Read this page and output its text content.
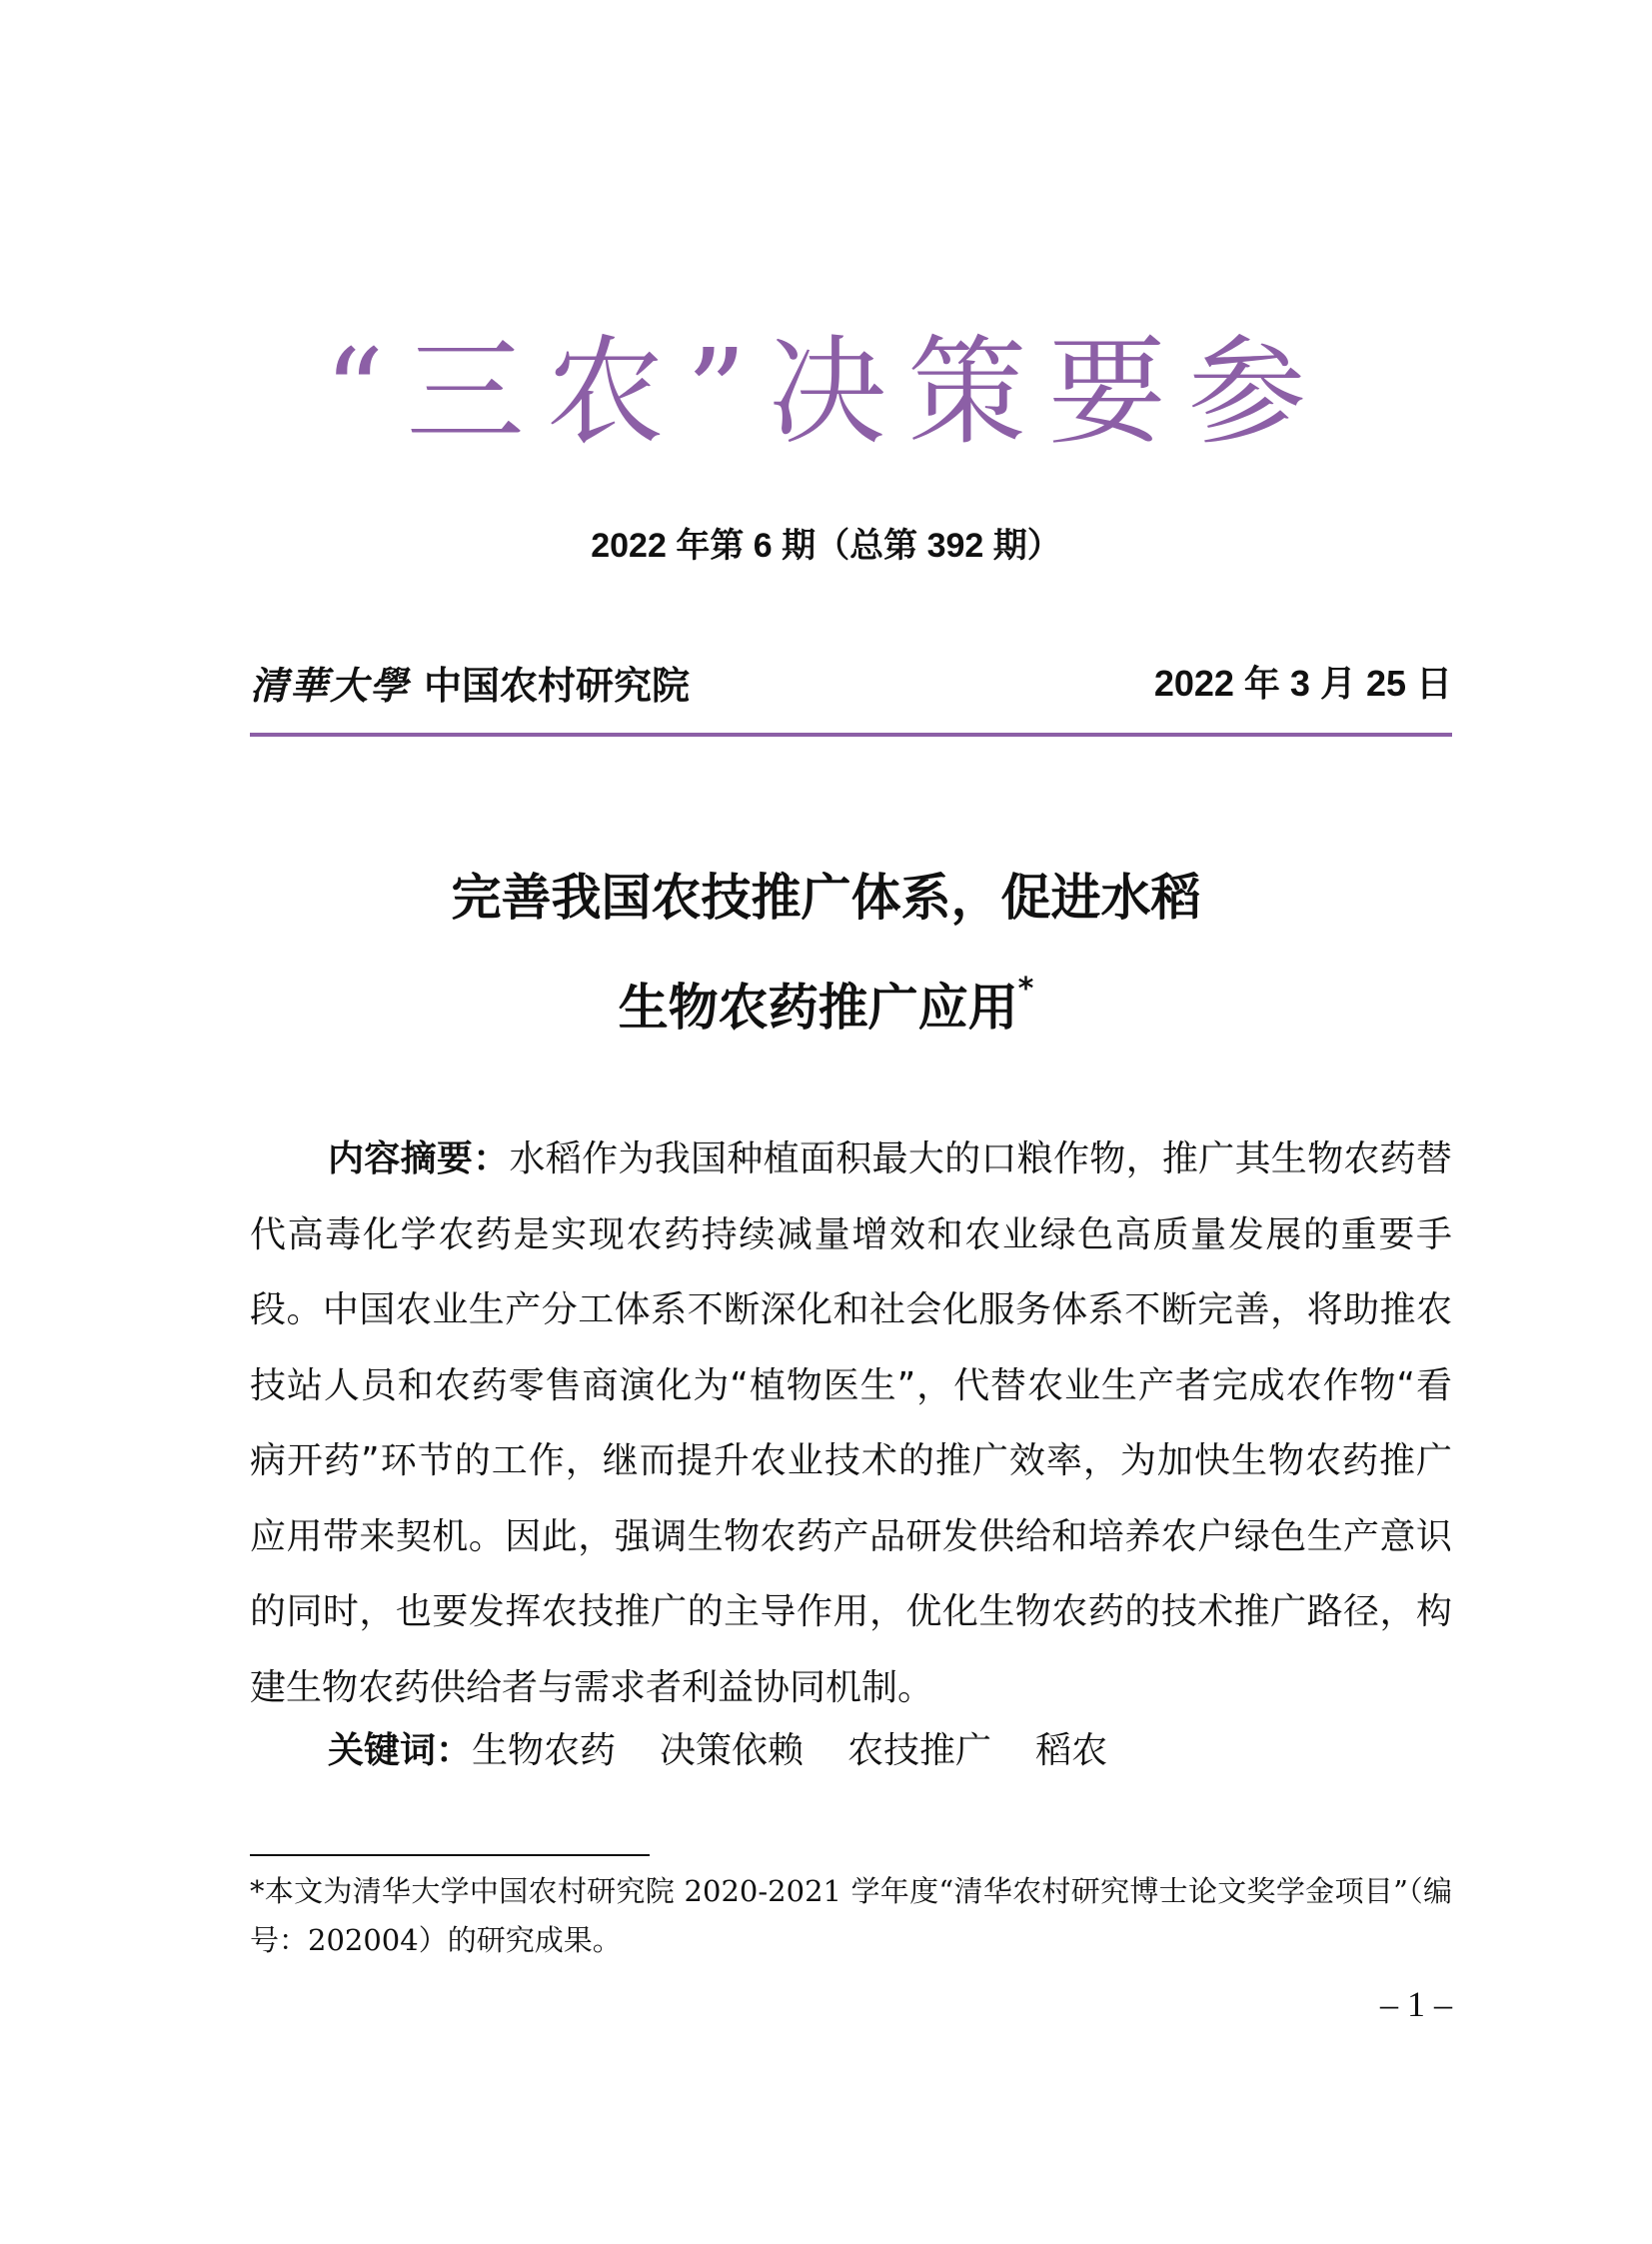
“三农”决策要参
2022 年第 6 期（总第 392 期）
清華大學 中国农村研究院	2022 年 3 月 25 日
完善我国农技推广体系，促进水稻
生物农药推广应用*
内容摘要：水稻作为我国种植面积最大的口粮作物，推广其生物农药替代高毒化学农药是实现农药持续减量增效和农业绿色高质量发展的重要手段。中国农业生产分工体系不断深化和社会化服务体系不断完善，将助推农技站人员和农药零售商演化为“植物医生”，代替农业生产者完成农作物“看病开药”环节的工作，继而提升农业技术的推广效率，为加快生物农药推广应用带来契机。因此，强调生物农药产品研发供给和培养农户绿色生产意识的同时，也要发挥农技推广的主导作用，优化生物农药的技术推广路径，构建生物农药供给者与需求者利益协同机制。
关键词：生物农药 决策依赖 农技推广 稻农
*本文为清华大学中国农村研究院 2020-2021 学年度“清华农村研究博士论文奖学金项目”（编号：202004）的研究成果。
– 1 –
